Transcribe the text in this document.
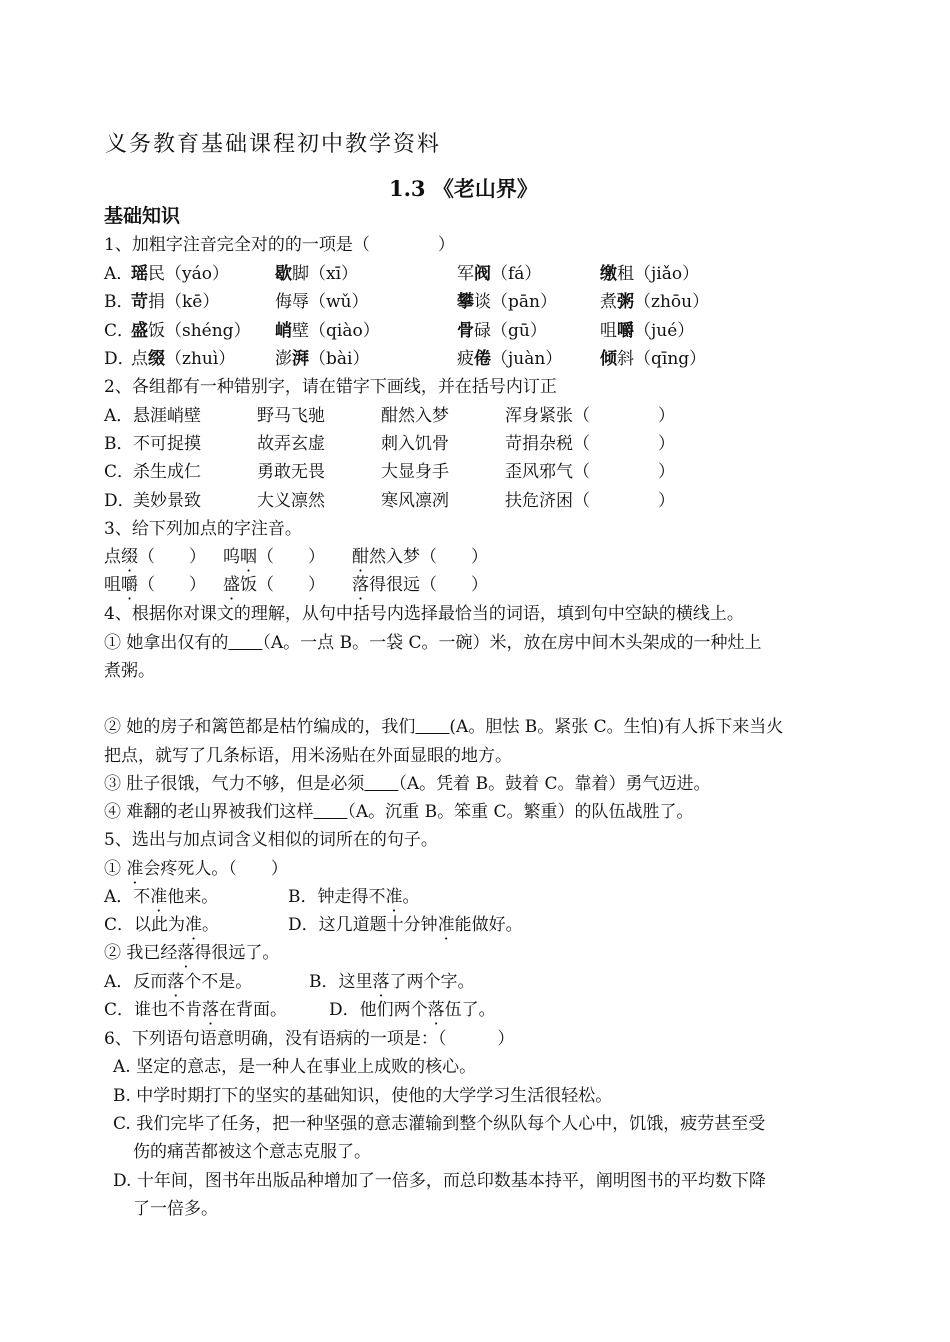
义务教育基础课程初中教学资料
1.3 《老山界》
基础知识
1、加粗字注音完全对的的一项是（　　　　）
A．
瑶民（yáo）	歇脚（xī）	军阀（fá）	缴租（jiǎo）
B．
苛捐（kē）	侮辱（wǔ）	攀谈（pān）	煮粥（zhōu）
C．
盛饭（shéng） 峭壁（qiào）	骨碌（gū）	咀嚼（jué）
D．
点缀（zhuì） 澎湃（bài）	疲倦（juàn） 倾斜（qīng）
2、各组都有一种错别字，请在错字下画线，并在括号内订正
A． 悬涯峭壁	野马飞驰	酣然入梦	浑身紧张（　　　　）
B． 不可捉摸	故弄玄虚	刺入饥骨	苛捐杂税（　　　　）
C．
杀生成仁	勇敢无畏	大显身手	歪风邪气（　　　　）
D．
美妙景致	大义凛然	寒风凛冽	扶危济困（　　　　）
3、给下列加点的字注音。
点缀（　　） 呜咽（　　） 酣然入梦（　　）
咀嚼（　　） 盛饭（　　） 落得很远（　　）
4、根据你对课文的理解，从句中括号内选择最恰当的词语，填到句中空缺的横线上。
① 她拿出仅有的　　 （A。一点 B。一袋 C。一碗）米，放在房中间木头架成的一种灶上
煮粥。
② 她的房子和篱笆都是枯竹编成的，我们　　 (A。胆怯 B。紧张 C。生怕)有人拆下来当火
把点，就写了几条标语，用米汤贴在外面显眼的地方。
③ 肚子很饿，气力不够，但是必须　　 （A。凭着 B。鼓着 C。靠着）勇气迈进。
④ 难翻的老山界被我们这样　　 （A。沉重 B。笨重 C。繁重）的队伍战胜了。
5、选出与加点词含义相似的词所在的句子。
① 准会疼死人。（　　）
A．不准他来。	B．钟走得不准。
C．以此为准。	D．这几道题十分钟准能做好。
② 我已经落得很远了。
A．反而落个不是。	B．这里落了两个字。
C．谁也不肯落在背面。 D．他们两个落伍了。
6、下列语句语意明确，没有语病的一项是：（　　　）
A. 坚定的意志，是一种人在事业上成败的核心。
B. 中学时期打下的坚实的基础知识，使他的大学学习生活很轻松。
C. 我们完毕了任务，把一种坚强的意志灌输到整个纵队每个人心中，饥饿，疲劳甚至受
伤的痛苦都被这个意志克服了。
D. 十年间，图书年出版品种增加了一倍多，而总印数基本持平，阐明图书的平均数下降
了一倍多。
